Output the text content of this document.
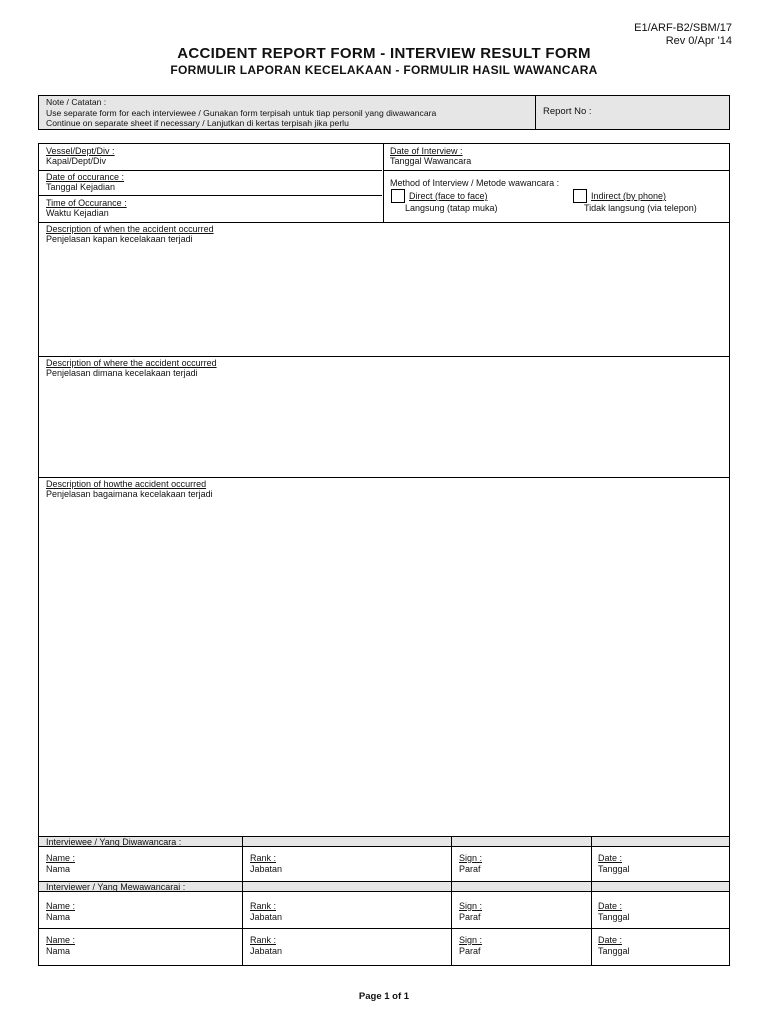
E1/ARF-B2/SBM/17
Rev 0/Apr '14
ACCIDENT REPORT FORM - INTERVIEW RESULT FORM
FORMULIR LAPORAN KECELAKAAN - FORMULIR HASIL WAWANCARA
Note / Catatan :
Use separate form for each interviewee / Gunakan form terpisah untuk tiap personil yang diwawancara
Continue on separate sheet if necessary / Lanjutkan di kertas terpisah jika perlu
Report No :
Vessel/Dept/Div :
Kapal/Dept/Div
Date of Interview :
Tanggal Wawancara
Date of occurance :
Tanggal Kejadian
Time of Occurance :
Waktu Kejadian
Method of Interview / Metode wawancara :
Direct (face to face)
Langsung (tatap muka)
Indirect (by phone)
Tidak langsung (via telepon)
Description of when the accident occurred
Penjelasan kapan kecelakaan terjadi
Description of where the accident occurred
Penjelasan dimana kecelakaan terjadi
Description of howthe accident occurred
Penjelasan bagaimana kecelakaan terjadi
Interviewee / Yang Diwawancara :
Interviewer / Yang Mewawancarai :
Name :
Nama
Rank :
Jabatan
Sign :
Paraf
Date :
Tanggal
Name :
Nama
Rank :
Jabatan
Sign :
Paraf
Date :
Tanggal
Name :
Nama
Rank :
Jabatan
Sign :
Paraf
Date :
Tanggal
Page 1 of 1
